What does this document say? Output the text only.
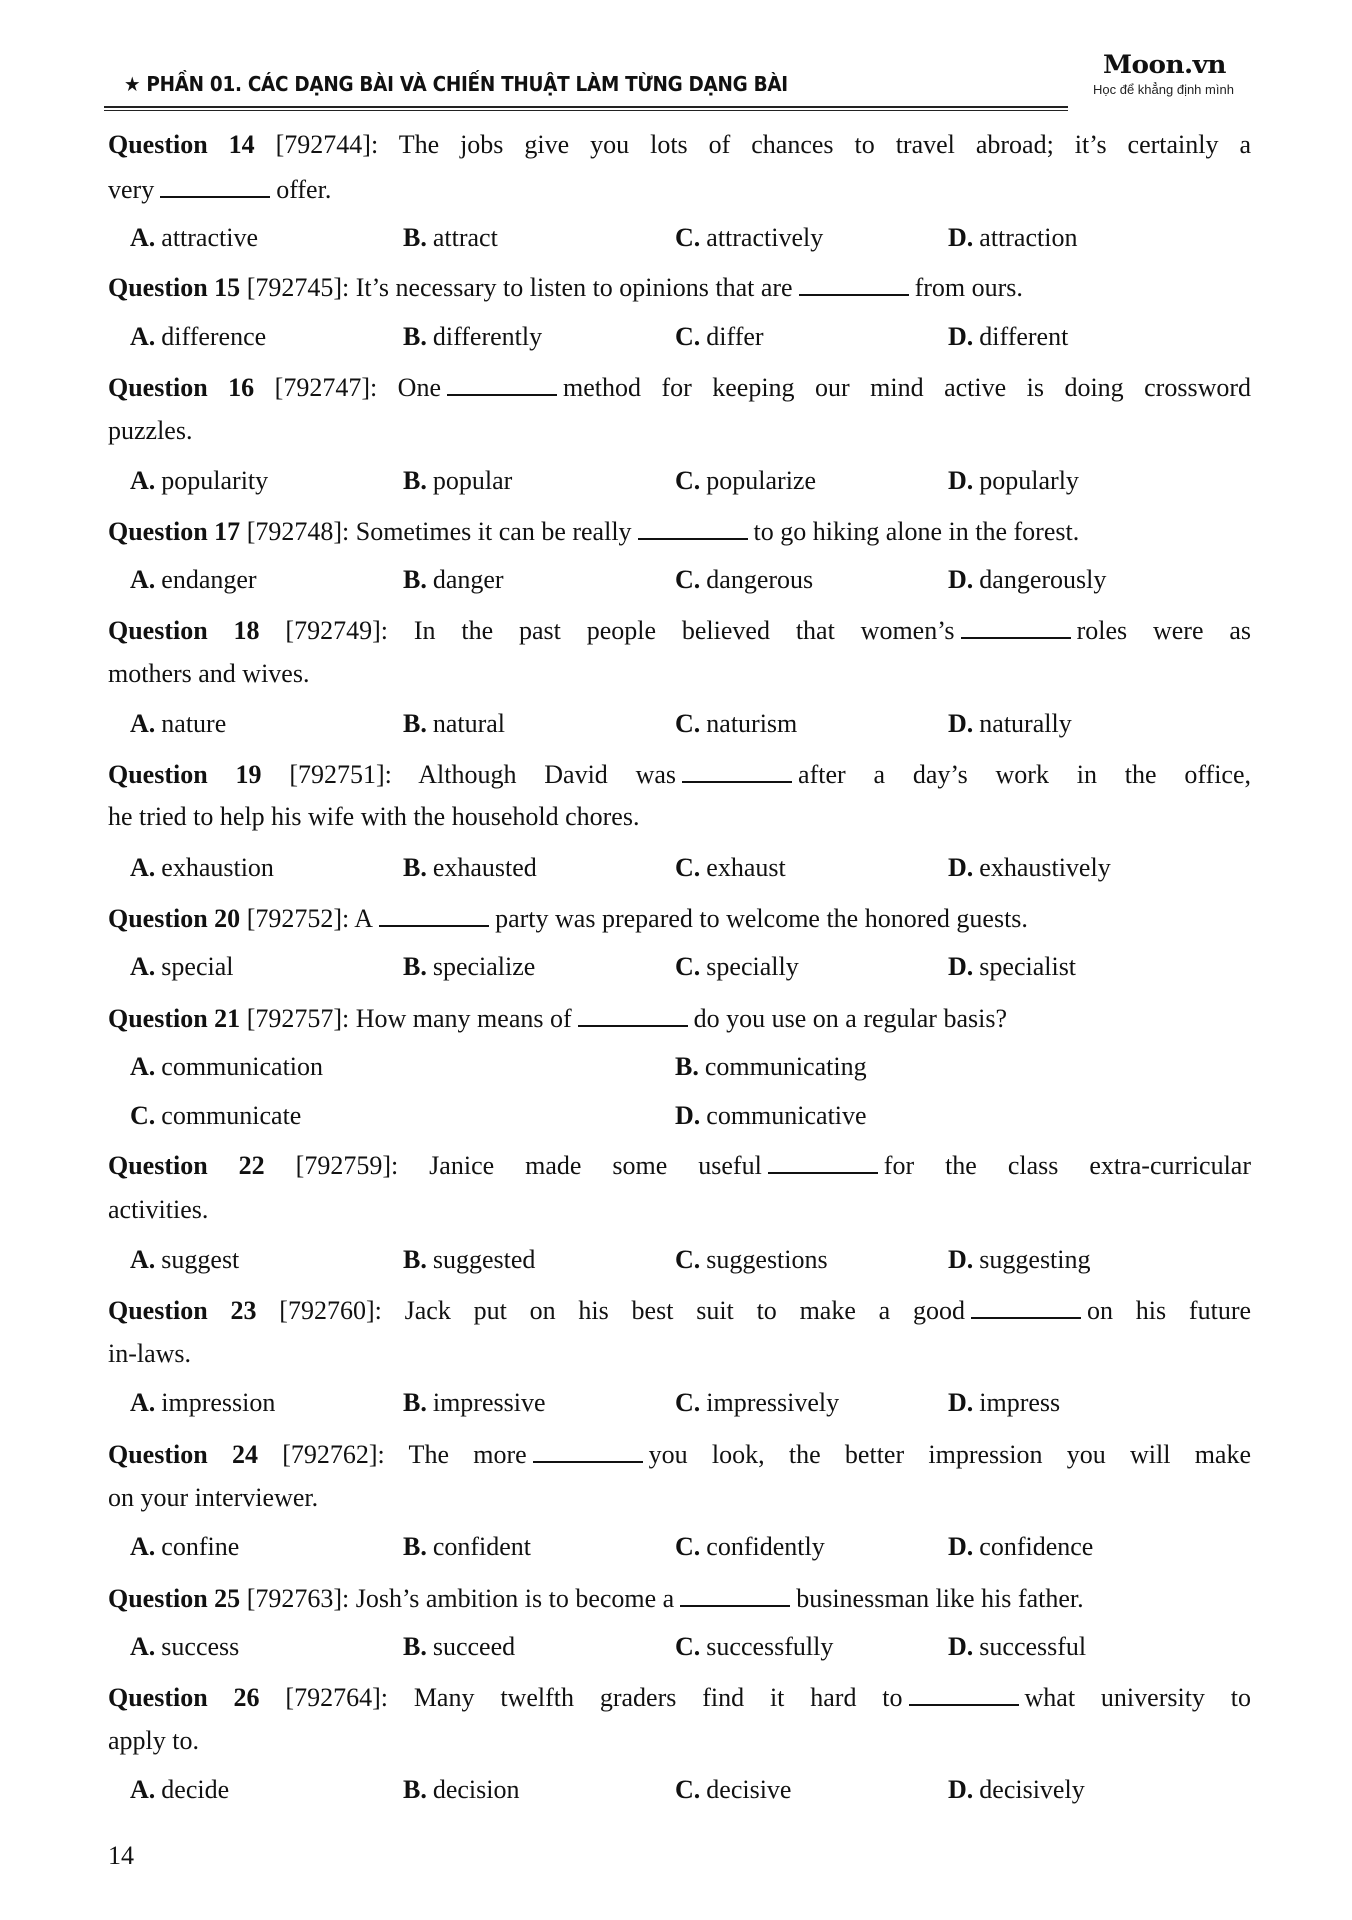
★ PHẦN 01. CÁC DẠNG BÀI VÀ CHIẾN THUẬT LÀM TỪNG DẠNG BÀI
Moon.vn
Học để khẳng định mình
Question 14 [792744]: The jobs give you lots of chances to travel abroad; it’s certainly a
very	offer.
A. attractive	B. attract	C. attractively	D. attraction
Question 15 [792745]: It’s necessary to listen to opinions that are	from ours.
A. difference	B. differently	C. differ	D. different
Question 16 [792747]: One	method for keeping our mind active is doing crossword
puzzles.
A. popularity	B. popular	C. popularize	D. popularly
Question 17 [792748]: Sometimes it can be really	to go hiking alone in the forest.
A. endanger	B. danger	C. dangerous	D. dangerously
Question 18 [792749]: In the past people believed that women’s	roles were as
mothers and wives.
A. nature	B. natural	C. naturism	D. naturally
Question 19 [792751]: Although David was	after a day’s work in the office,
he tried to help his wife with the household chores.
A. exhaustion	B. exhausted	C. exhaust	D. exhaustively
Question 20 [792752]: A	party was prepared to welcome the honored guests.
A. special	B. specialize	C. specially	D. specialist
Question 21 [792757]: How many means of	do you use on a regular basis?
A. communication	B. communicating
C. communicate	D. communicative
Question 22 [792759]: Janice made some useful	for the class extra-curricular
activities.
A. suggest	B. suggested	C. suggestions	D. suggesting
Question 23 [792760]: Jack put on his best suit to make a good	on his future
in-laws.
A. impression	B. impressive	C. impressively	D. impress
Question 24 [792762]: The more	you look, the better impression you will make
on your interviewer.
A. confine	B. confident	C. confidently	D. confidence
Question 25 [792763]: Josh’s ambition is to become a	businessman like his father.
A. success	B. succeed	C. successfully	D. successful
Question 26 [792764]: Many twelfth graders find it hard to	what university to
apply to.
A. decide	B. decision	C. decisive	D. decisively
14
